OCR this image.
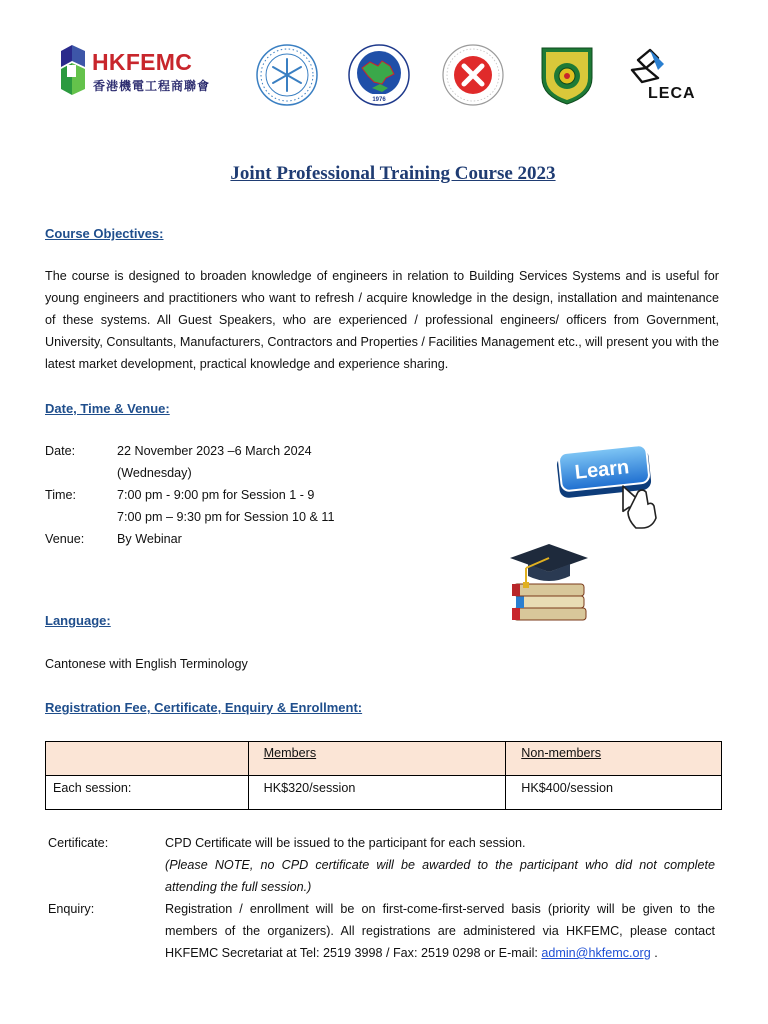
HKFEMC
香港機電工程商聯會
1976	LECA
Joint Professional Training Course 2023
Course Objectives:
The course is designed to broaden knowledge of engineers in relation to Building Services Systems and is useful for young engineers and practitioners who want to refresh / acquire knowledge in the design, installation and maintenance of these systems. All Guest Speakers, who are experienced / professional engineers/ officers from Government, University, Consultants, Manufacturers, Contractors and Properties / Facilities Management etc., will present you with the latest market development, practical knowledge and experience sharing.
Date, Time & Venue:
Date:	22 November 2023 –6 March 2024
(Wednesday)
Time:	7:00 pm - 9:00 pm for Session 1 - 9
7:00 pm – 9:30 pm for Session 10 & 11
Venue:	By Webinar
Learn
Language:
Cantonese with English Terminology
Registration Fee, Certificate, Enquiry & Enrollment:
	Members	Non-members
Each session:	HK$320/session	HK$400/session
Certificate:	CPD Certificate will be issued to the participant for each session.
(Please NOTE, no CPD certificate will be awarded to the participant who did not complete attending the full session.)
Enquiry:	Registration / enrollment will be on first-come-first-served basis (priority will be given to the members of the organizers). All registrations are administered via HKFEMC, please contact HKFEMC Secretariat at Tel: 2519 3998 / Fax: 2519 0298 or E-mail: admin@hkfemc.org .
